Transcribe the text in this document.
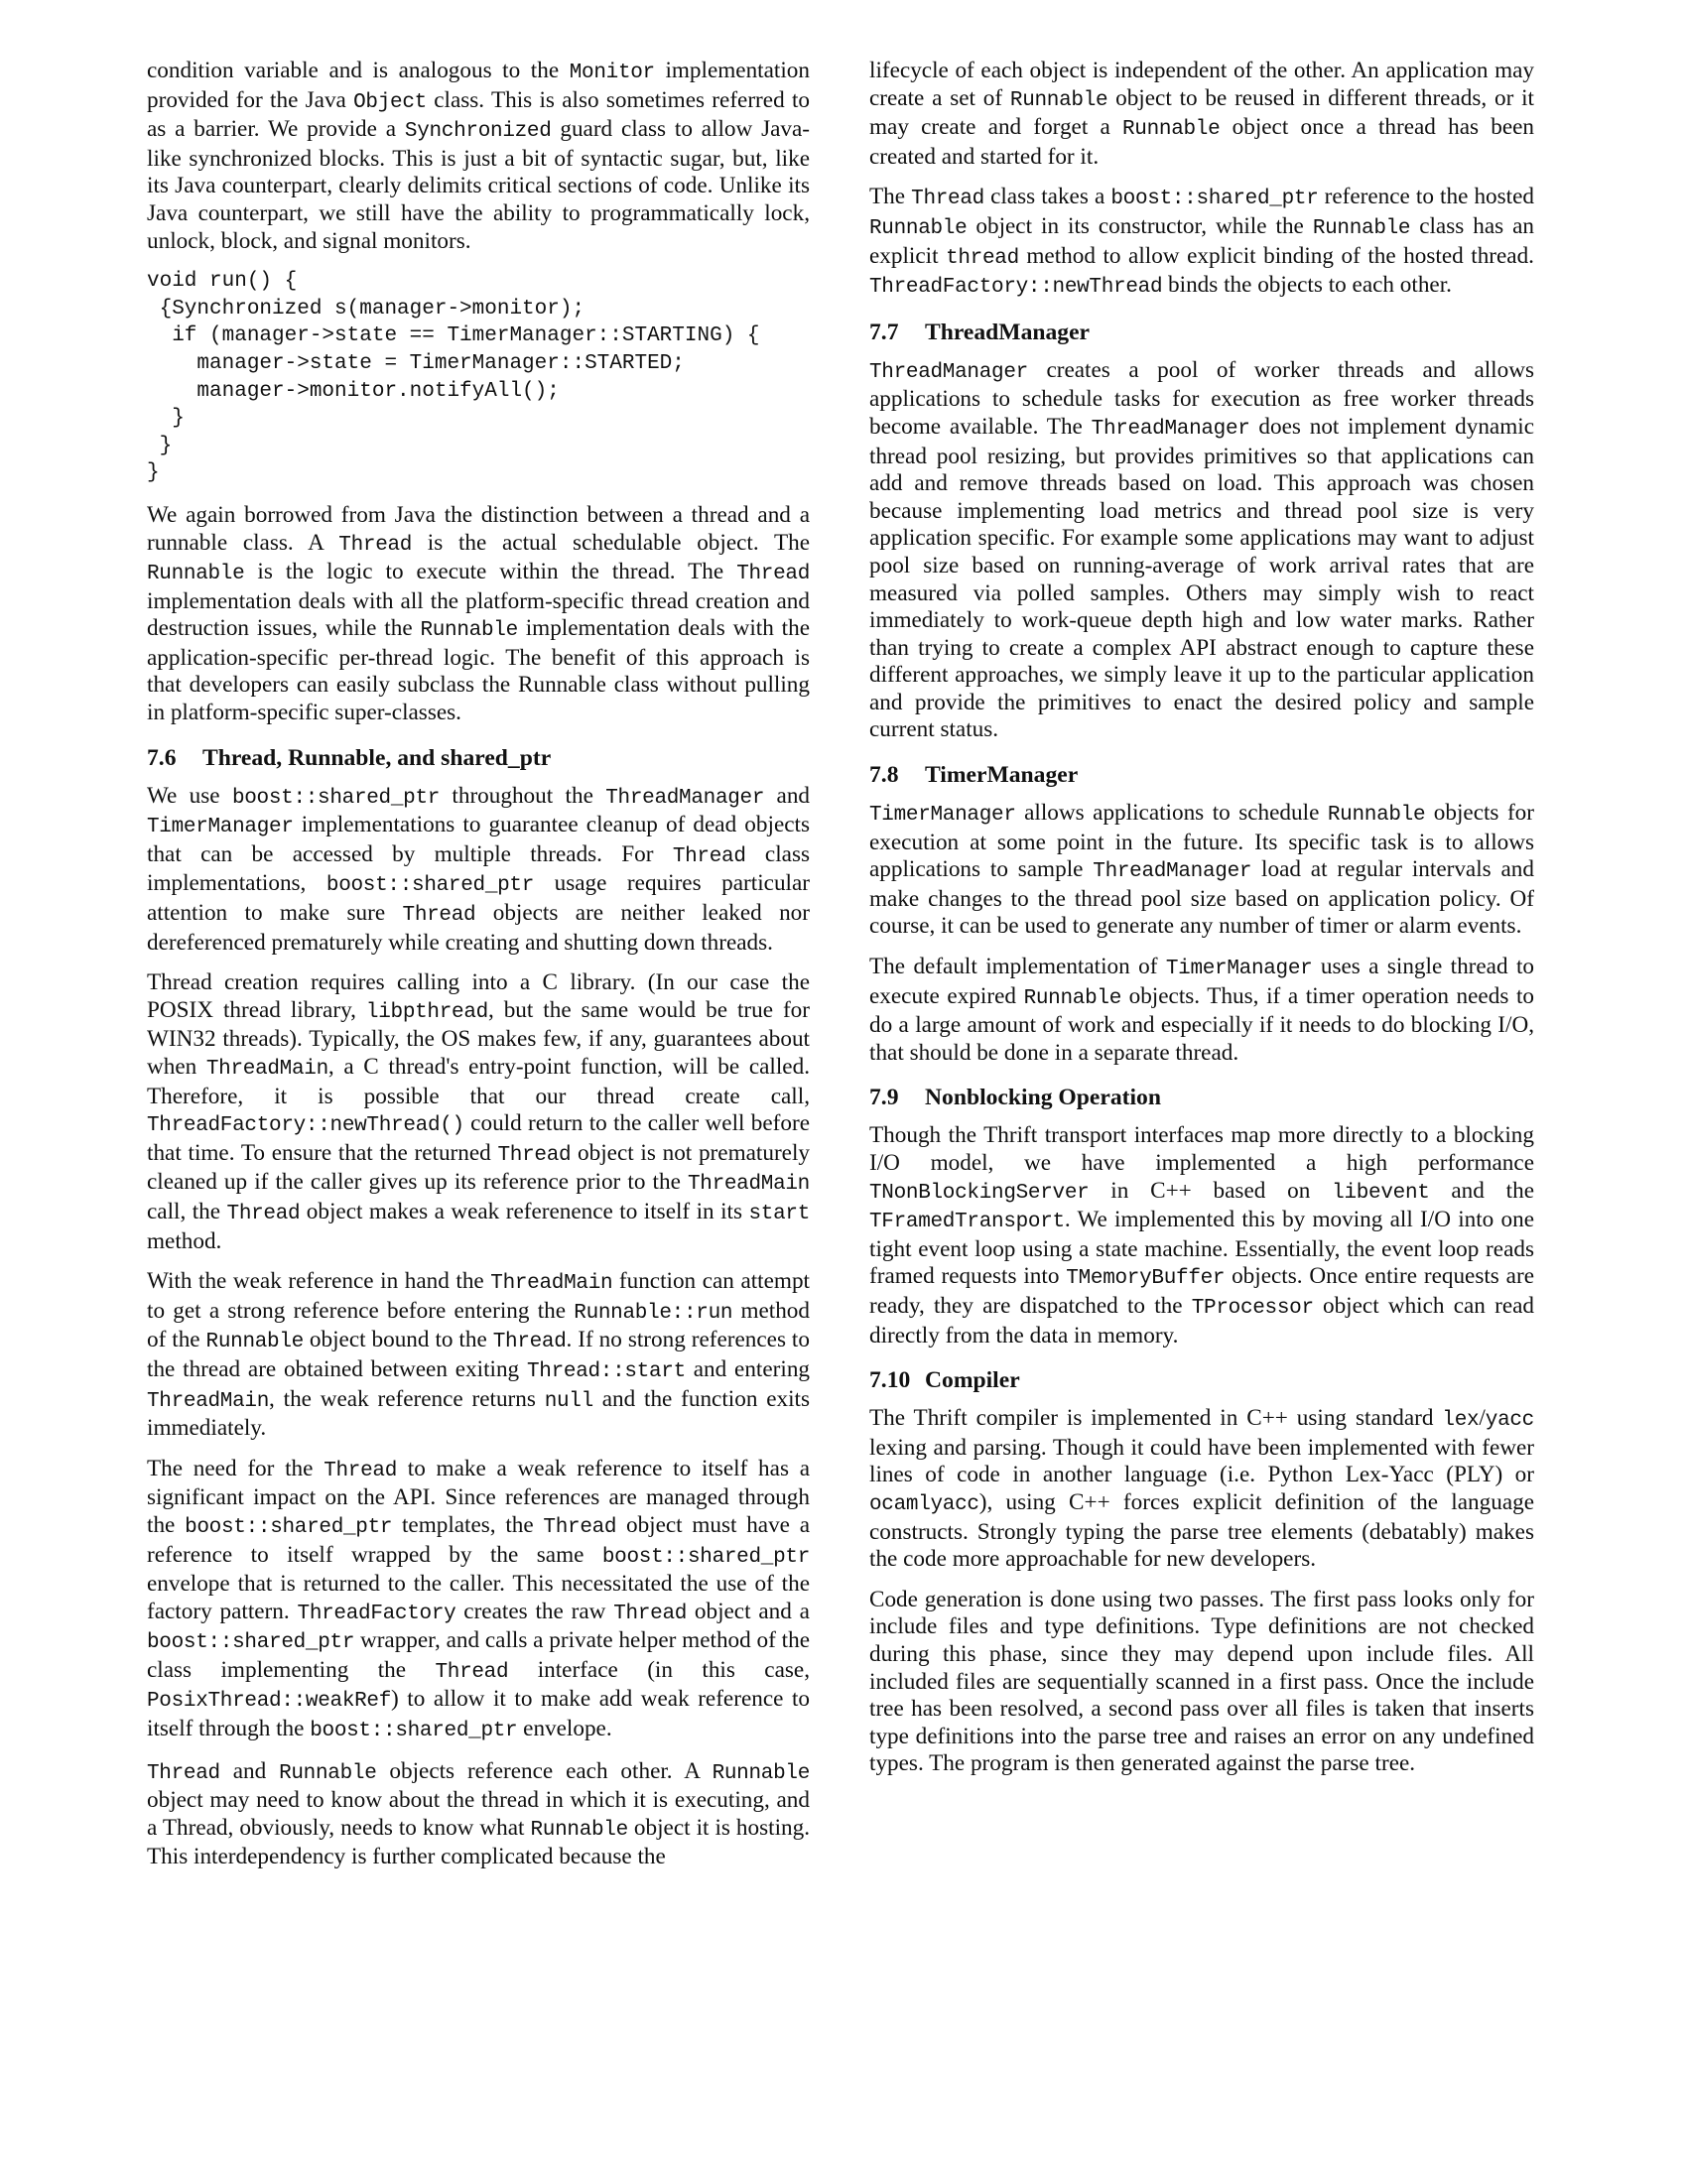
condition variable and is analogous to the Monitor implementation provided for the Java Object class. This is also sometimes referred to as a barrier. We provide a Synchronized guard class to allow Java-like synchronized blocks. This is just a bit of syntactic sugar, but, like its Java counterpart, clearly delimits critical sections of code. Unlike its Java counterpart, we still have the ability to programmatically lock, unlock, block, and signal monitors.

void run() {
{Synchronized s(manager->monitor);
if (manager->state == TimerManager::STARTING) {
manager->state = TimerManager::STARTED;
manager->monitor.notifyAll();
}
}
}

We again borrowed from Java the distinction between a thread and a runnable class. A Thread is the actual schedulable object. The Runnable is the logic to execute within the thread. The Thread implementation deals with all the platform-specific thread creation and destruction issues, while the Runnable implementation deals with the application-specific per-thread logic. The benefit of this approach is that developers can easily subclass the Runnable class without pulling in platform-specific super-classes.

7.6 Thread, Runnable, and shared_ptr

We use boost::shared_ptr throughout the ThreadManager and TimerManager implementations to guarantee cleanup of dead objects that can be accessed by multiple threads. For Thread class implementations, boost::shared_ptr usage requires particular attention to make sure Thread objects are neither leaked nor dereferenced prematurely while creating and shutting down threads.

Thread creation requires calling into a C library. (In our case the POSIX thread library, libpthread, but the same would be true for WIN32 threads). Typically, the OS makes few, if any, guarantees about when ThreadMain, a C thread's entry-point function, will be called. Therefore, it is possible that our thread create call, ThreadFactory::newThread() could return to the caller well before that time. To ensure that the returned Thread object is not prematurely cleaned up if the caller gives up its reference prior to the ThreadMain call, the Thread object makes a weak referenence to itself in its start method.

With the weak reference in hand the ThreadMain function can attempt to get a strong reference before entering the Runnable::run method of the Runnable object bound to the Thread. If no strong references to the thread are obtained between exiting Thread::start and entering ThreadMain, the weak reference returns null and the function exits immediately.

The need for the Thread to make a weak reference to itself has a significant impact on the API. Since references are managed through the boost::shared_ptr templates, the Thread object must have a reference to itself wrapped by the same boost::shared_ptr envelope that is returned to the caller. This necessitated the use of the factory pattern. ThreadFactory creates the raw Thread object and a boost::shared_ptr wrapper, and calls a private helper method of the class implementing the Thread interface (in this case, PosixThread::weakRef) to allow it to make add weak reference to itself through the boost::shared_ptr envelope.

Thread and Runnable objects reference each other. A Runnable object may need to know about the thread in which it is executing, and a Thread, obviously, needs to know what Runnable object it is hosting. This interdependency is further complicated because the

lifecycle of each object is independent of the other. An application may create a set of Runnable object to be reused in different threads, or it may create and forget a Runnable object once a thread has been created and started for it.

The Thread class takes a boost::shared_ptr reference to the hosted Runnable object in its constructor, while the Runnable class has an explicit thread method to allow explicit binding of the hosted thread. ThreadFactory::newThread binds the objects to each other.

7.7 ThreadManager

ThreadManager creates a pool of worker threads and allows applications to schedule tasks for execution as free worker threads become available. The ThreadManager does not implement dynamic thread pool resizing, but provides primitives so that applications can add and remove threads based on load. This approach was chosen because implementing load metrics and thread pool size is very application specific. For example some applications may want to adjust pool size based on running-average of work arrival rates that are measured via polled samples. Others may simply wish to react immediately to work-queue depth high and low water marks. Rather than trying to create a complex API abstract enough to capture these different approaches, we simply leave it up to the particular application and provide the primitives to enact the desired policy and sample current status.

7.8 TimerManager

TimerManager allows applications to schedule Runnable objects for execution at some point in the future. Its specific task is to allows applications to sample ThreadManager load at regular intervals and make changes to the thread pool size based on application policy. Of course, it can be used to generate any number of timer or alarm events.

The default implementation of TimerManager uses a single thread to execute expired Runnable objects. Thus, if a timer operation needs to do a large amount of work and especially if it needs to do blocking I/O, that should be done in a separate thread.

7.9 Nonblocking Operation

Though the Thrift transport interfaces map more directly to a blocking I/O model, we have implemented a high performance TNonBlockingServer in C++ based on libevent and the TFramedTransport. We implemented this by moving all I/O into one tight event loop using a state machine. Essentially, the event loop reads framed requests into TMemoryBuffer objects. Once entire requests are ready, they are dispatched to the TProcessor object which can read directly from the data in memory.

7.10 Compiler

The Thrift compiler is implemented in C++ using standard lex/yacc lexing and parsing. Though it could have been implemented with fewer lines of code in another language (i.e. Python Lex-Yacc (PLY) or ocamlyacc), using C++ forces explicit definition of the language constructs. Strongly typing the parse tree elements (debatably) makes the code more approachable for new developers.

Code generation is done using two passes. The first pass looks only for include files and type definitions. Type definitions are not checked during this phase, since they may depend upon include files. All included files are sequentially scanned in a first pass. Once the include tree has been resolved, a second pass over all files is taken that inserts type definitions into the parse tree and raises an error on any undefined types. The program is then generated against the parse tree.
